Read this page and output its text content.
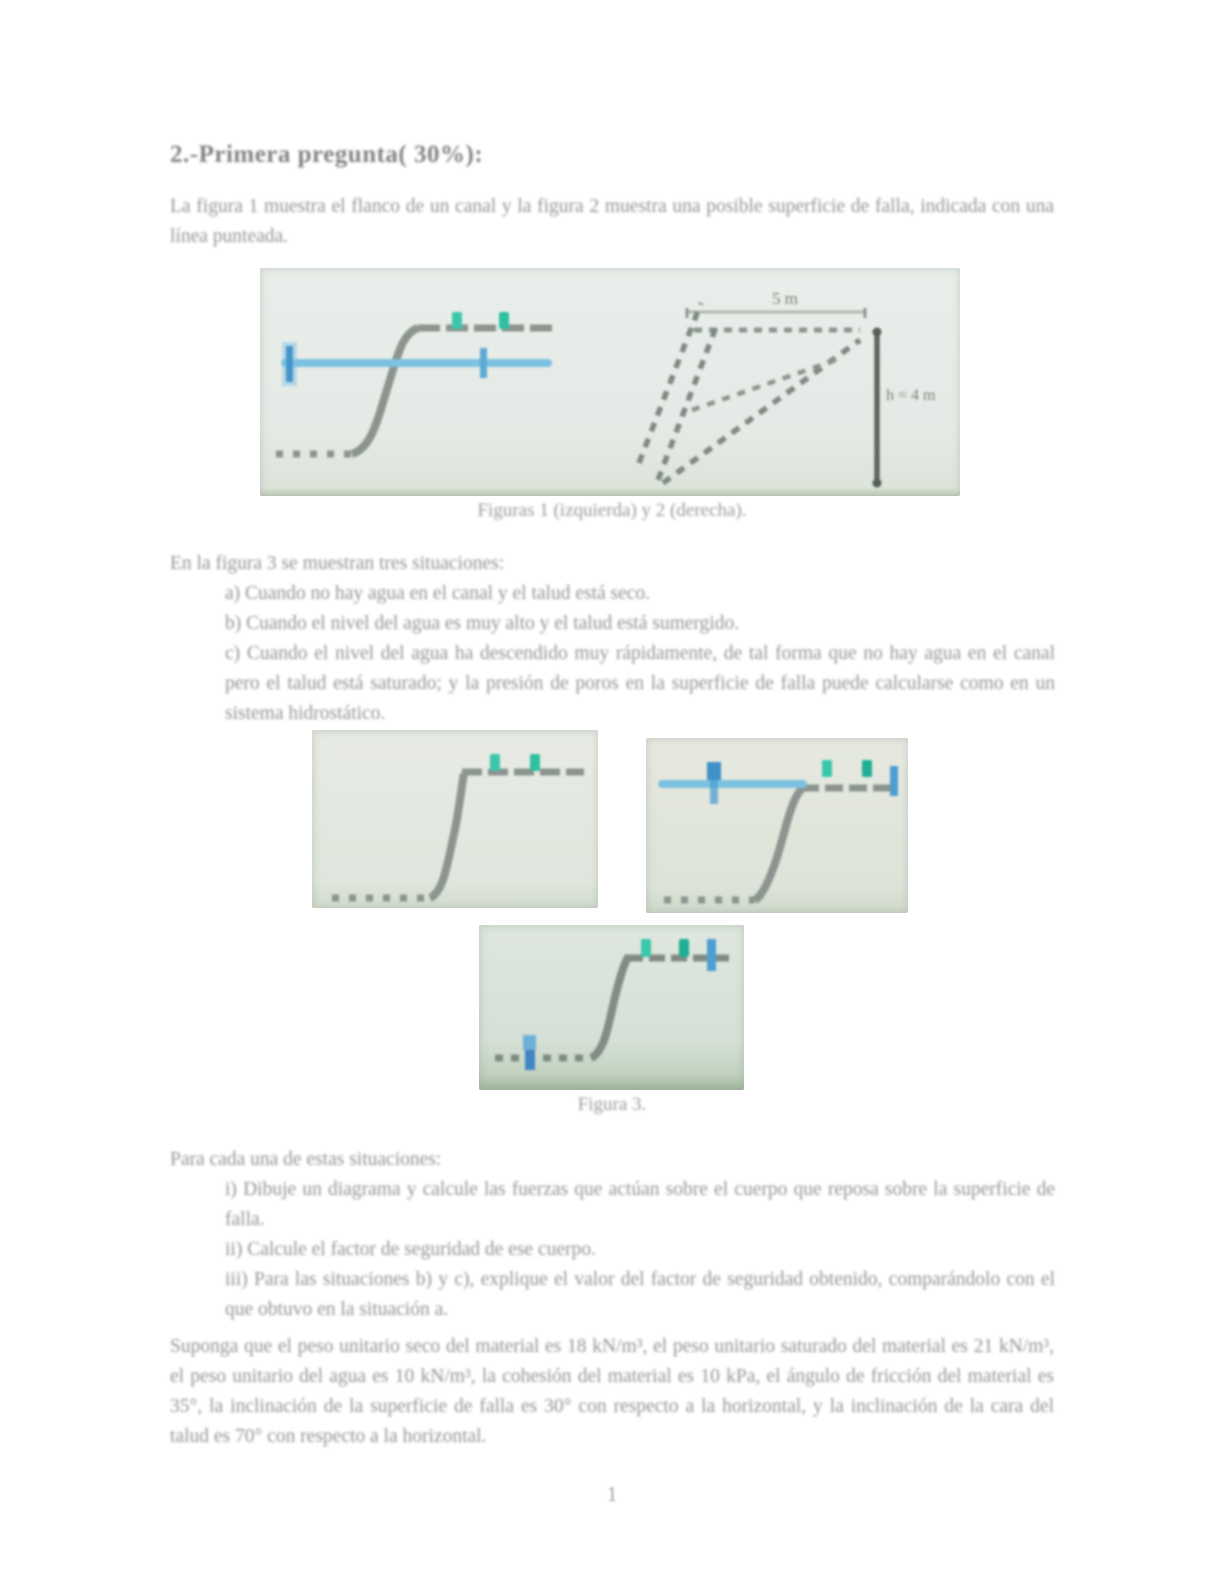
2.-Primera pregunta( 30%):
La figura 1 muestra el flanco de un canal y la figura 2 muestra una posible superficie de falla, indicada con una línea punteada.
5 m
h = 4 m
Figuras 1 (izquierda) y 2 (derecha).
En la figura 3 se muestran tres situaciones:
a) Cuando no hay agua en el canal y el talud está seco.
b) Cuando el nivel del agua es muy alto y el talud está sumergido.
c) Cuando el nivel del agua ha descendido muy rápidamente, de tal forma que no hay agua en el canal pero el talud está saturado; y la presión de poros en la superficie de falla puede calcularse como en un sistema hidrostático.
Figura 3.
Para cada una de estas situaciones:
i) Dibuje un diagrama y calcule las fuerzas que actúan sobre el cuerpo que reposa sobre la superficie de falla.
ii) Calcule el factor de seguridad de ese cuerpo.
iii) Para las situaciones b) y c), explique el valor del factor de seguridad obtenido, comparándolo con el que obtuvo en la situación a.
Suponga que el peso unitario seco del material es 18 kN/m³, el peso unitario saturado del material es 21 kN/m³, el peso unitario del agua es 10 kN/m³, la cohesión del material es 10 kPa, el ángulo de fricción del material es 35°, la inclinación de la superficie de falla es 30° con respecto a la horizontal, y la inclinación de la cara del talud es 70° con respecto a la horizontal.
1
